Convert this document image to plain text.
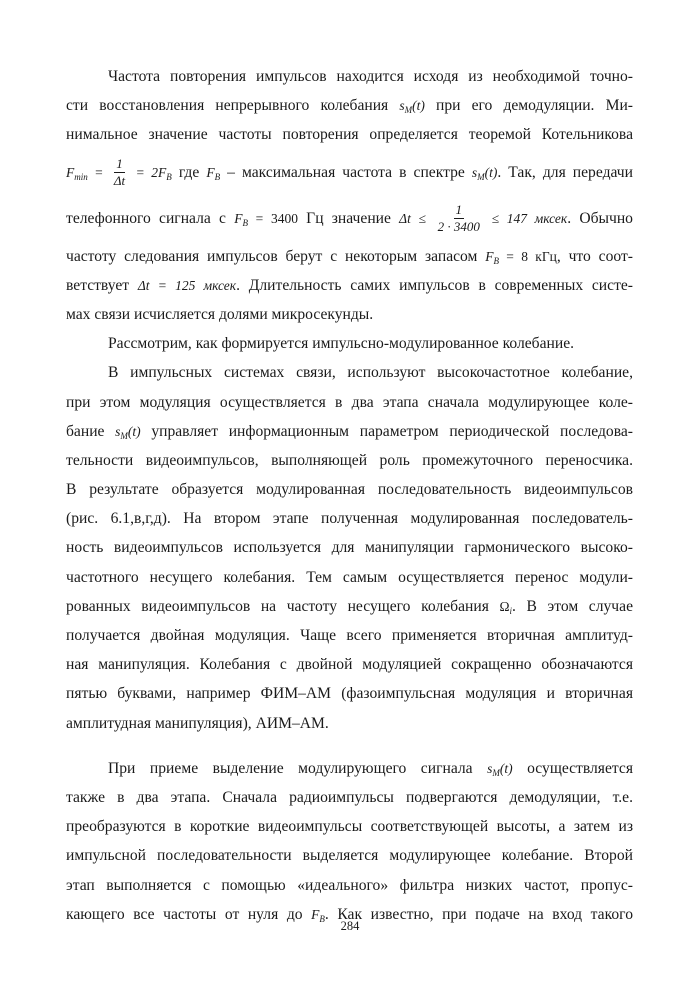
Частота повторения импульсов находится исходя из необходимой точно-
сти восстановления непрерывного колебания $s_M(t)$ при его демодуляции. Ми-
нимальное значение частоты повторения определяется теоремой Котельникова
$F_{min} = \frac{1}{\Delta t} = 2F_B$ где $F_B$ – максимальная частота в спектре $s_M(t)$. Так, для передачи
телефонного сигнала с $F_B = 3400$ Гц значение $\Delta t \le \frac{1}{2 \cdot 3400} \le 147$ мксек. Обычно
частоту следования импульсов берут с некоторым запасом $F_B = 8$ кГц, что соот-
ветствует Δt = 125 мксек. Длительность самих импульсов в современных систе-
мах связи исчисляется долями микросекунды.
Рассмотрим, как формируется импульсно-модулированное колебание.
В импульсных системах связи, используют высокочастотное колебание,
при этом модуляция осуществляется в два этапа сначала модулирующее коле-
бание $s_M(t)$ управляет информационным параметром периодической последова-
тельности видеоимпульсов, выполняющей роль промежуточного переносчика.
В результате образуется модулированная последовательность видеоимпульсов
(рис. 6.1,в,г,д). На втором этапе полученная модулированная последователь-
ность видеоимпульсов используется для манипуляции гармонического высоко-
частотного несущего колебания. Тем самым осуществляется перенос модули-
рованных видеоимпульсов на частоту несущего колебания $\Omega_i$. В этом случае
получается двойная модуляция. Чаще всего применяется вторичная амплитуд-
ная манипуляция. Колебания с двойной модуляцией сокращенно обозначаются
пятью буквами, например ФИМ–АМ (фазоимпульсная модуляция и вторичная
амплитудная манипуляция), АИМ–АМ.
При приеме выделение модулирующего сигнала $s_M(t)$ осуществляется
также в два этапа. Сначала радиоимпульсы подвергаются демодуляции, т.е.
преобразуются в короткие видеоимпульсы соответствующей высоты, а затем из
импульсной последовательности выделяется модулирующее колебание. Второй
этап выполняется с помощью «идеального» фильтра низких частот, пропус-
кающего все частоты от нуля до $F_B$. Как известно, при подаче на вход такого
284
